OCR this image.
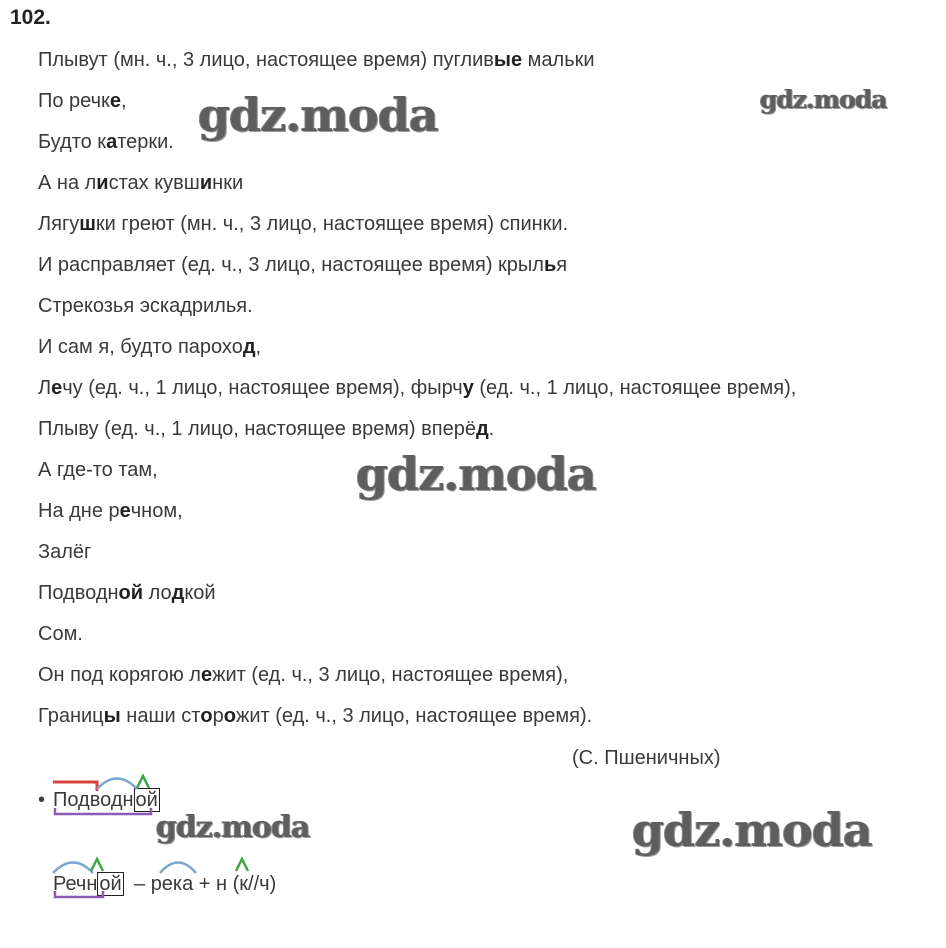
102.
Плывут (мн. ч., 3 лицо, настоящее время) пугливые мальки
По речке,
Будто катерки.
А на листах кувшинки
Лягушки греют (мн. ч., 3 лицо, настоящее время) спинки.
И расправляет (ед. ч., 3 лицо, настоящее время) крылья
Стрекозья эскадрилья.
И сам я, будто пароход,
Лечу (ед. ч., 1 лицо, настоящее время), фырчу (ед. ч., 1 лицо, настоящее время),
Плыву (ед. ч., 1 лицо, настоящее время) вперёд.
А где-то там,
На дне речном,
Залёг
Подводной лодкой
Сом.
Он под корягою лежит (ед. ч., 3 лицо, настоящее время),
Границы наши сторожит (ед. ч., 3 лицо, настоящее время).
(С. Пшеничных)
gdz.moda	gdz.moda
gdz.moda
gdz.moda	gdz.moda
• Подводн ой
Речн ой – река + н (к//ч)
